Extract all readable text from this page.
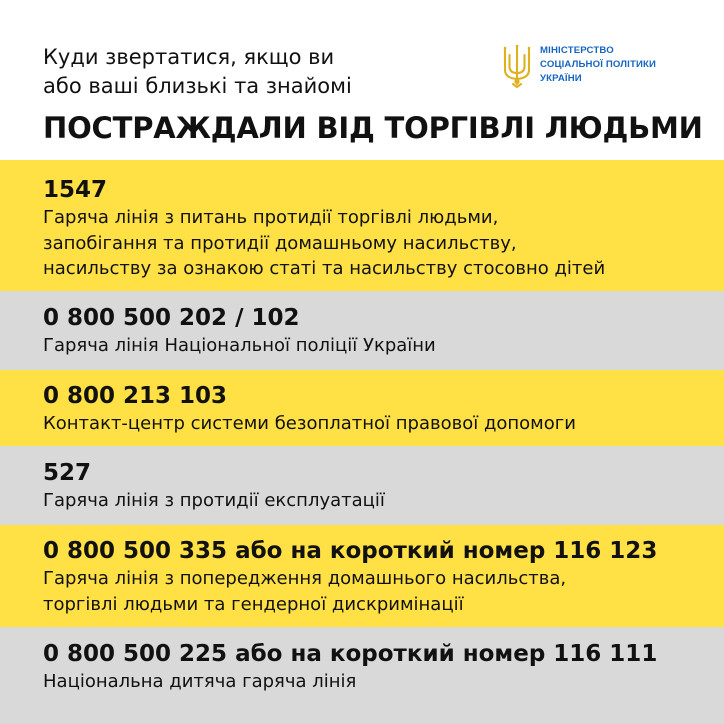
Куди звертатися, якщо ви

або ваші близькі та знайомі

ПОСТРАЖДАЛИ ВІД ТОРГІВЛІ ЛЮДЬМИ
МІНІСТЕРСТВО
СОЦІАЛЬНОЇ ПОЛІТИКИ
УКРАЇНИ

1547

Гаряча лінія з питань протидії торгівлі людьми,

запобігання та протидії домашньому насильству,

насильству за ознакою статі та насильству стосовно дітей

0 800 500 202 / 102

Гаряча лінія Національної поліції України

0 800 213 103

Контакт-центр системи безоплатної правової допомоги

527

Гаряча лінія з протидії експлуатації

0 800 500 335 або на короткий номер 116 123

Гаряча лінія з попередження домашнього насильства,

торгівлі людьми та гендерної дискримінації

0 800 500 225 або на короткий номер 116 111

Національна дитяча гаряча лінія
